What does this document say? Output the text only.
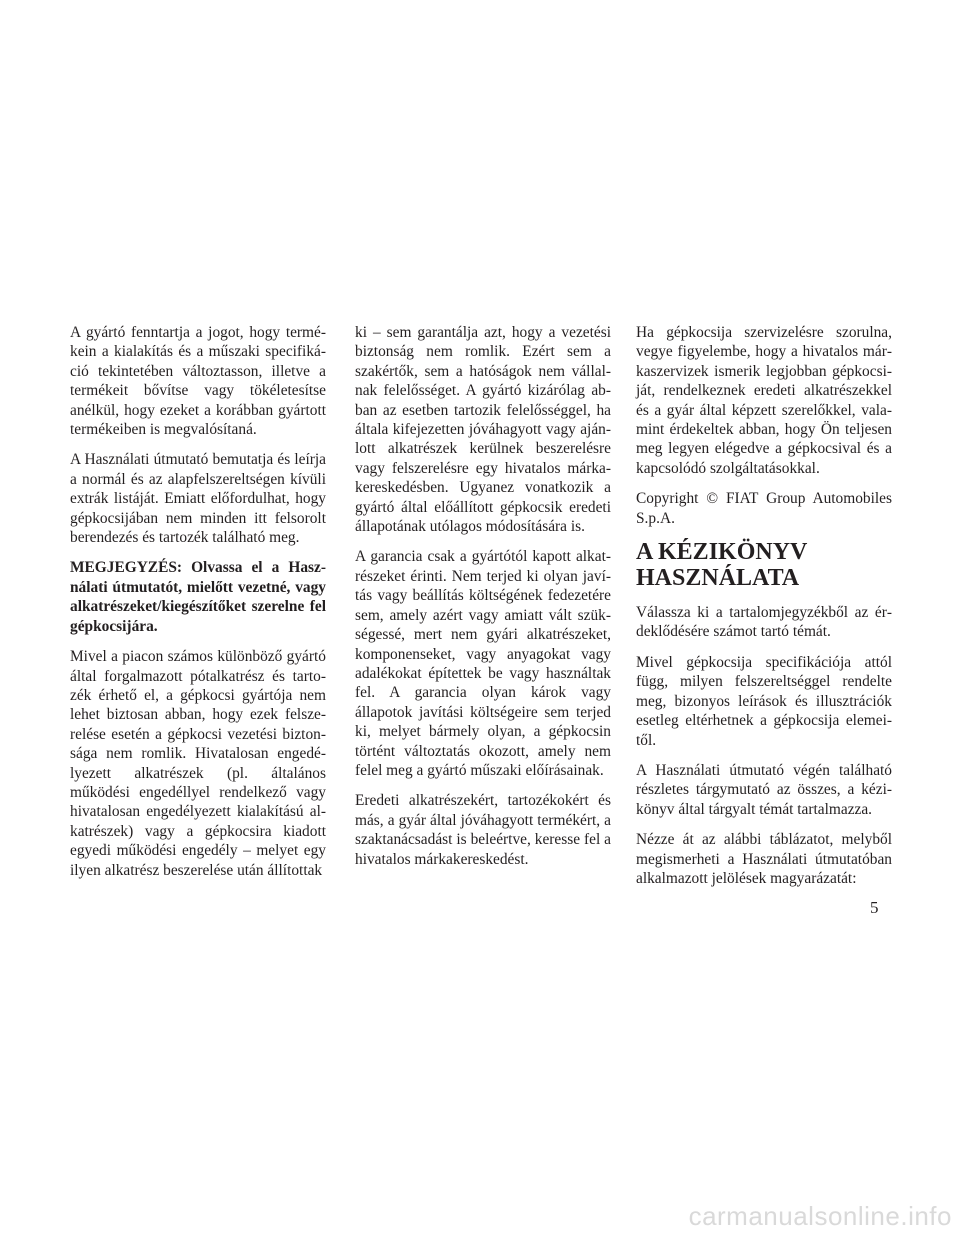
A gyártó fenntartja a jogot, hogy termékein a kialakítás és a műszaki specifikáció tekintetében változtasson, illetve a termékeit bővítse vagy tökéletesítse anélkül, hogy ezeket a korábban gyártott termékeiben is megvalósítaná.

A Használati útmutató bemutatja és leírja a normál és az alapfelszereltségen kívüli extrák listáját. Emiatt előfordulhat, hogy gépkocsijában nem minden itt felsorolt berendezés és tartozék található meg.

MEGJEGYZÉS: Olvassa el a Használati útmutatót, mielőtt vezetné, vagy alkatrészeket/kiegészítőket szerelne fel gépkocsijára.

Mivel a piacon számos különböző gyártó által forgalmazott pótalkatrész és tartozék érhető el, a gépkocsi gyártója nem lehet biztosan abban, hogy ezek felszerelése esetén a gépkocsi vezetési biztonsága nem romlik. Hivatalosan engedélyezett alkatrészek (pl. általános működési engedéllyel rendelkező vagy hivatalosan engedélyezett kialakítású alkatrészek) vagy a gépkocsira kiadott egyedi működési engedély – melyet egy ilyen alkatrész beszerelése után állítottak

ki – sem garantálja azt, hogy a vezetési biztonság nem romlik. Ezért sem a szakértők, sem a hatóságok nem vállalnak felelősséget. A gyártó kizárólag abban az esetben tartozik felelősséggel, ha általa kifejezetten jóváhagyott vagy ajánlott alkatrészek kerülnek beszerelésre vagy felszerelésre egy hivatalos márkakereskedésben. Ugyanez vonatkozik a gyártó által előállított gépkocsik eredeti állapotának utólagos módosítására is.

A garancia csak a gyártótól kapott alkatrészeket érinti. Nem terjed ki olyan javítás vagy beállítás költségének fedezetére sem, amely azért vagy amiatt vált szükségessé, mert nem gyári alkatrészeket, komponenseket, vagy anyagokat vagy adalékokat építettek be vagy használtak fel. A garancia olyan károk vagy állapotok javítási költségeire sem terjed ki, melyet bármely olyan, a gépkocsin történt változtatás okozott, amely nem felel meg a gyártó műszaki előírásainak.

Eredeti alkatrészekért, tartozékokért és más, a gyár által jóváhagyott termékért, a szaktanácsadást is beleértve, keresse fel a hivatalos márkakereskedést.

Ha gépkocsija szervizelésre szorulna, vegye figyelembe, hogy a hivatalos márkaszervizek ismerik legjobban gépkocsiját, rendelkeznek eredeti alkatrészekkel és a gyár által képzett szerelőkkel, valamint érdekeltek abban, hogy Ön teljesen meg legyen elégedve a gépkocsival és a kapcsolódó szolgáltatásokkal.

Copyright © FIAT Group Automobiles S.p.A.

A KÉZIKÖNYV
HASZNÁLATA

Válassza ki a tartalomjegyzékből az érdeklődésére számot tartó témát.

Mivel gépkocsija specifikációja attól függ, milyen felszereltséggel rendelte meg, bizonyos leírások és illusztrációk esetleg eltérhetnek a gépkocsija elemeitől.

A Használati útmutató végén található részletes tárgymutató az összes, a kézikönyv által tárgyalt témát tartalmazza.

Nézze át az alábbi táblázatot, melyből megismerheti a Használati útmutatóban alkalmazott jelölések magyarázatát:

5
carmanualsonline.info
